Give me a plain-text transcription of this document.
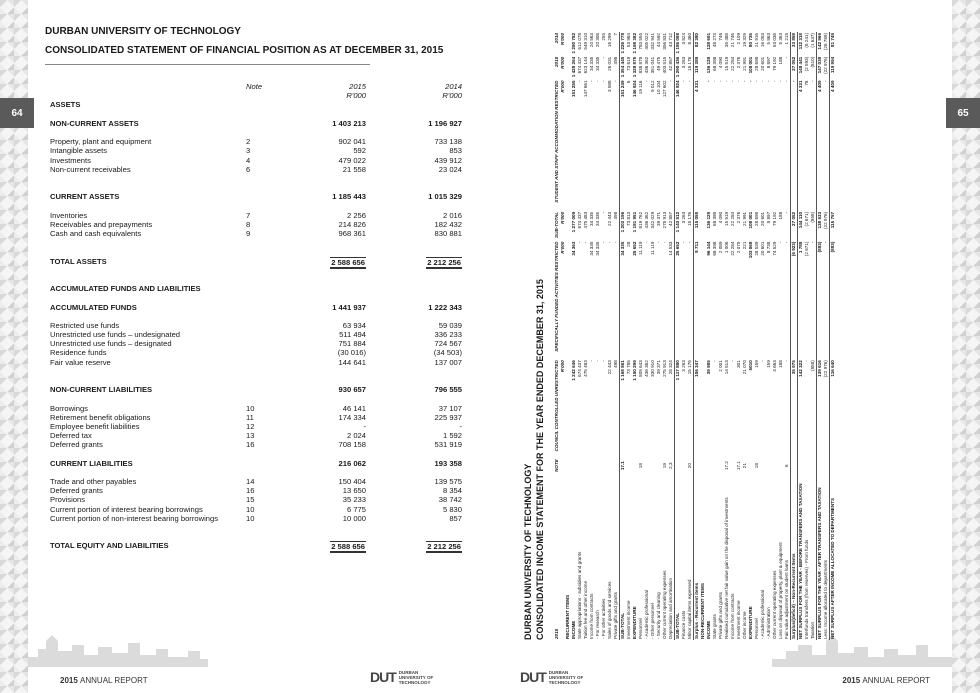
64
DURBAN UNIVERSITY OF TECHNOLOGY
CONSOLIDATED STATEMENT OF FINANCIAL POSITION AS AT DECEMBER 31, 2015
Note	2015	2014
R'000	R'000
ASSETS
NON-CURRENT ASSETS	1 403 213	1 196 927
Property, plant and equipment	2	902 041	733 138
Intangible assets	3	592	853
Investments	4	479 022	439 912
Non-current receivables	6	21 558	23 024
CURRENT ASSETS	1 185 443	1 015 329
Inventories	7	2 256	2 016
Receivables and prepayments	8	214 826	182 432
Cash and cash equivalents	9	968 361	830 881
TOTAL ASSETS	2 588 656	2 212 256
ACCUMULATED FUNDS AND LIABILITIES
ACCUMULATED FUNDS	1 441 937	1 222 343
Restricted use funds	63 934	59 039
Unrestricted use funds – undesignated	511 494	336 233
Unrestricted use funds – designated	751 884	724 567
Residence funds	(30 016)	(34 503)
Fair value reserve	144 641	137 007
NON-CURRENT LIABILITIES	930 657	796 555
Borrowings	10	46 141	37 107
Retirement benefit obligations	11	174 334	225 937
Employee benefit liabilities	12	-	-
Deferred tax	13	2 024	1 592
Deferred grants	16	708 158	531 919
CURRENT LIABILITIES	216 062	193 358
Trade and other payables	14	150 404	139 575
Deferred grants	16	13 650	8 354
Provisions	15	35 233	38 742
Current portion of interest bearing borrowings	10	6 775	5 830
Current portion of non-interest bearing borrowings	10	10 000	857
TOTAL EQUITY AND LIABILITIES	2 588 656	2 212 256
2015 ANNUAL REPORT	DUT DURBAN
UNIVERSITY OF
TECHNOLOGY
65
2015 ANNUAL REPORT
DUT DURBAN
UNIVERSITY OF
TECHNOLOGY
DURBAN UNIVERSITY OF TECHNOLOGY CONSOLIDATED INCOME STATEMENT FOR THE YEAR ENDED DECEMBER 31, 2015 2015	NOTE	COUNCIL CONTROLLED UNRESTRICTED	SPECIFICALLY FUNDED ACTIVITIES RESTRICTED	SUB-TOTAL	STUDENT AND STAFF ACCOMMODATION RESTRICTED	2015	2014
		R'000	R'000	R'000	R'000	R'000	R'000
RECURRENT ITEMS							
INCOME		1 242 646	34 363	1 277 009	151 255	1 428 264	1 280 782
State appropriations - subsidies and grants		674 437	-	674 437	-	674 437	612 078
Tuition fee and other income		475 483	-	475 483	147 661	623 144	549 310
Income from contracts		-	34 335	34 335	-	34 335	20 563
- For research		-	34 335	34 335	-	34 335	20 308
- For other activities		-	-	-	-	-	255
Sales of goods and services		22 443	-	22 443	3 588	26 031	16 299
Private gifts and grants		498	-	498	-	498	7
SUB-TOTAL	17.1	1 168 861	34 335	1 203 196	151 249	1 354 445	1 226 778
Investment income		73 785	28	73 813	6	73 819	53 984
EXPENDITURE		1 150 299	25 652	1 181 951	146 924	1 328 875	1 198 382
Personnel	18	808 643	11 119	819 762	19 116	838 878	783 555
- Academic professional		436 362	-	436 362	-	436 362	405 022
- Other personnel		330 910	11 119	342 029	9 012	351 041	332 941
- Security and cleaning		39 371	-	39 371	10 104	49 475	44 592
Other current operating expenses	19	275 913	-	275 913	127 602	403 515	356 831
Depreciation and amortisation	2,3	28 324	14 533	42 857	-	42 857	43 712
SUB-TOTAL		1 117 880	25 652	1 143 512	146 924	1 290 436	1 186 098
Finance costs		3 263	-	3 263	-	3 263	3 824
Minor capital items expensed	20	15 176	-	15 176	-	15 176	8 460
Surplus - Recurrent items		106 347	8 711	115 058	4 331	119 389	82 380
NON-RECURRENT ITEMS							
INCOME		39 985	96 144	136 129	-	136 129	128 691
State grants		-	68 398	68 398	-	68 398	48 273
Private gifts and grants		2 001	2 089	4 090	-	4 090	746
Realised cumulative net fair value gain on the disposal of investments	17.2	14 513	1 006	15 519	-	15 519	35 488
Income from contracts		-	22 284	22 284	-	22 284	21 746
Investment income	17.1	301	2 075	2 376	-	2 376	2 109
Other income	21	21 070	221	21 991	-	21 991	19 329
EXPENDITURE		5010	103 068	108 001	-	108 001	80 735
Personnel	18	159	28 539	28 698	-	28 698	21 916
- Academic professional		-	20 601	20 601	-	20 601	16 053
- Administration		159	8 738	8 897	-	8 897	5 863
Other current operating expenses		4 663	74 529	79 192	-	79 192	53 036
Loss on disposal of property, plant & equipment		188	-	188	-	188	5 363
Fair value adjustment on student loans	6	-	-	-	-	-	1 215
Surplus/(deficit) – Non-Recurrent Items		35 975	(6 923)	27 052	-	27 052	33 858
NET SURPLUS FOR THE YEAR - BEFORE TRANSFERS AND TAXATION		142 322	1 788	144 110	4 331	148 441	112 318
Interfunds transfers (from reserves) - From funds		-	(2 671)	(2 671)	78	(2 593)	(6 241)
Taxation		(858)	-	(858)	-	(810)	(1 637)
NET SURPLUS FOR THE YEAR - AFTER TRANSFERS AND TAXATION		139 616	(883)	138 633	4 409	147 038	142 966
Less: Income allocated to departments		(22 976)	-	(22 976)	-	(22 976)	(26 789)
NET SURPLUS AFTER INCOME ALLOCATED TO DEPARTMENTS		116 640	(883)	115 757	4 409	119 994	81 749
